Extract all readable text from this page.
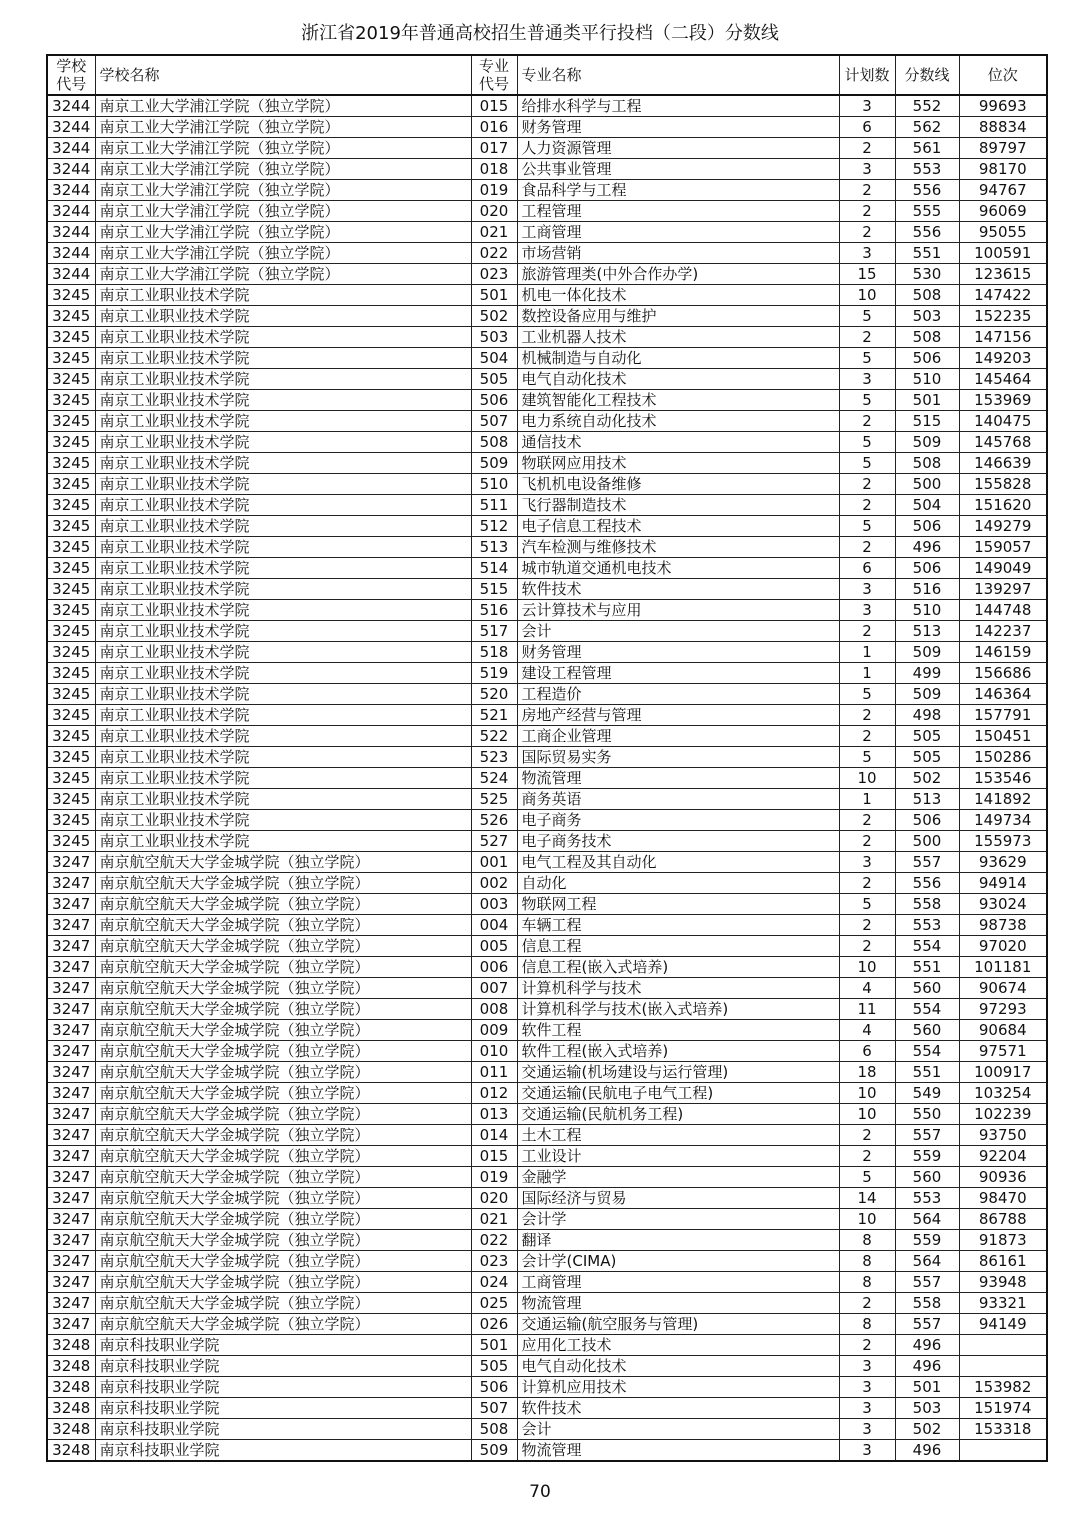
浙江省2019年普通高校招生普通类平行投档（二段）分数线
学校代号	学校名称	专业代号	专业名称	计划数	分数线	位次
3244	南京工业大学浦江学院（独立学院）	015	给排水科学与工程	3	552	99693
3244	南京工业大学浦江学院（独立学院）	016	财务管理	6	562	88834
3244	南京工业大学浦江学院（独立学院）	017	人力资源管理	2	561	89797
3244	南京工业大学浦江学院（独立学院）	018	公共事业管理	3	553	98170
3244	南京工业大学浦江学院（独立学院）	019	食品科学与工程	2	556	94767
3244	南京工业大学浦江学院（独立学院）	020	工程管理	2	555	96069
3244	南京工业大学浦江学院（独立学院）	021	工商管理	2	556	95055
3244	南京工业大学浦江学院（独立学院）	022	市场营销	3	551	100591
3244	南京工业大学浦江学院（独立学院）	023	旅游管理类(中外合作办学)	15	530	123615
3245	南京工业职业技术学院	501	机电一体化技术	10	508	147422
3245	南京工业职业技术学院	502	数控设备应用与维护	5	503	152235
3245	南京工业职业技术学院	503	工业机器人技术	2	508	147156
3245	南京工业职业技术学院	504	机械制造与自动化	5	506	149203
3245	南京工业职业技术学院	505	电气自动化技术	3	510	145464
3245	南京工业职业技术学院	506	建筑智能化工程技术	5	501	153969
3245	南京工业职业技术学院	507	电力系统自动化技术	2	515	140475
3245	南京工业职业技术学院	508	通信技术	5	509	145768
3245	南京工业职业技术学院	509	物联网应用技术	5	508	146639
3245	南京工业职业技术学院	510	飞机机电设备维修	2	500	155828
3245	南京工业职业技术学院	511	飞行器制造技术	2	504	151620
3245	南京工业职业技术学院	512	电子信息工程技术	5	506	149279
3245	南京工业职业技术学院	513	汽车检测与维修技术	2	496	159057
3245	南京工业职业技术学院	514	城市轨道交通机电技术	6	506	149049
3245	南京工业职业技术学院	515	软件技术	3	516	139297
3245	南京工业职业技术学院	516	云计算技术与应用	3	510	144748
3245	南京工业职业技术学院	517	会计	2	513	142237
3245	南京工业职业技术学院	518	财务管理	1	509	146159
3245	南京工业职业技术学院	519	建设工程管理	1	499	156686
3245	南京工业职业技术学院	520	工程造价	5	509	146364
3245	南京工业职业技术学院	521	房地产经营与管理	2	498	157791
3245	南京工业职业技术学院	522	工商企业管理	2	505	150451
3245	南京工业职业技术学院	523	国际贸易实务	5	505	150286
3245	南京工业职业技术学院	524	物流管理	10	502	153546
3245	南京工业职业技术学院	525	商务英语	1	513	141892
3245	南京工业职业技术学院	526	电子商务	2	506	149734
3245	南京工业职业技术学院	527	电子商务技术	2	500	155973
3247	南京航空航天大学金城学院（独立学院）	001	电气工程及其自动化	3	557	93629
3247	南京航空航天大学金城学院（独立学院）	002	自动化	2	556	94914
3247	南京航空航天大学金城学院（独立学院）	003	物联网工程	5	558	93024
3247	南京航空航天大学金城学院（独立学院）	004	车辆工程	2	553	98738
3247	南京航空航天大学金城学院（独立学院）	005	信息工程	2	554	97020
3247	南京航空航天大学金城学院（独立学院）	006	信息工程(嵌入式培养)	10	551	101181
3247	南京航空航天大学金城学院（独立学院）	007	计算机科学与技术	4	560	90674
3247	南京航空航天大学金城学院（独立学院）	008	计算机科学与技术(嵌入式培养)	11	554	97293
3247	南京航空航天大学金城学院（独立学院）	009	软件工程	4	560	90684
3247	南京航空航天大学金城学院（独立学院）	010	软件工程(嵌入式培养)	6	554	97571
3247	南京航空航天大学金城学院（独立学院）	011	交通运输(机场建设与运行管理)	18	551	100917
3247	南京航空航天大学金城学院（独立学院）	012	交通运输(民航电子电气工程)	10	549	103254
3247	南京航空航天大学金城学院（独立学院）	013	交通运输(民航机务工程)	10	550	102239
3247	南京航空航天大学金城学院（独立学院）	014	土木工程	2	557	93750
3247	南京航空航天大学金城学院（独立学院）	015	工业设计	2	559	92204
3247	南京航空航天大学金城学院（独立学院）	019	金融学	5	560	90936
3247	南京航空航天大学金城学院（独立学院）	020	国际经济与贸易	14	553	98470
3247	南京航空航天大学金城学院（独立学院）	021	会计学	10	564	86788
3247	南京航空航天大学金城学院（独立学院）	022	翻译	8	559	91873
3247	南京航空航天大学金城学院（独立学院）	023	会计学(CIMA)	8	564	86161
3247	南京航空航天大学金城学院（独立学院）	024	工商管理	8	557	93948
3247	南京航空航天大学金城学院（独立学院）	025	物流管理	2	558	93321
3247	南京航空航天大学金城学院（独立学院）	026	交通运输(航空服务与管理)	8	557	94149
3248	南京科技职业学院	501	应用化工技术	2	496	
3248	南京科技职业学院	505	电气自动化技术	3	496	
3248	南京科技职业学院	506	计算机应用技术	3	501	153982
3248	南京科技职业学院	507	软件技术	3	503	151974
3248	南京科技职业学院	508	会计	3	502	153318
3248	南京科技职业学院	509	物流管理	3	496	
70
